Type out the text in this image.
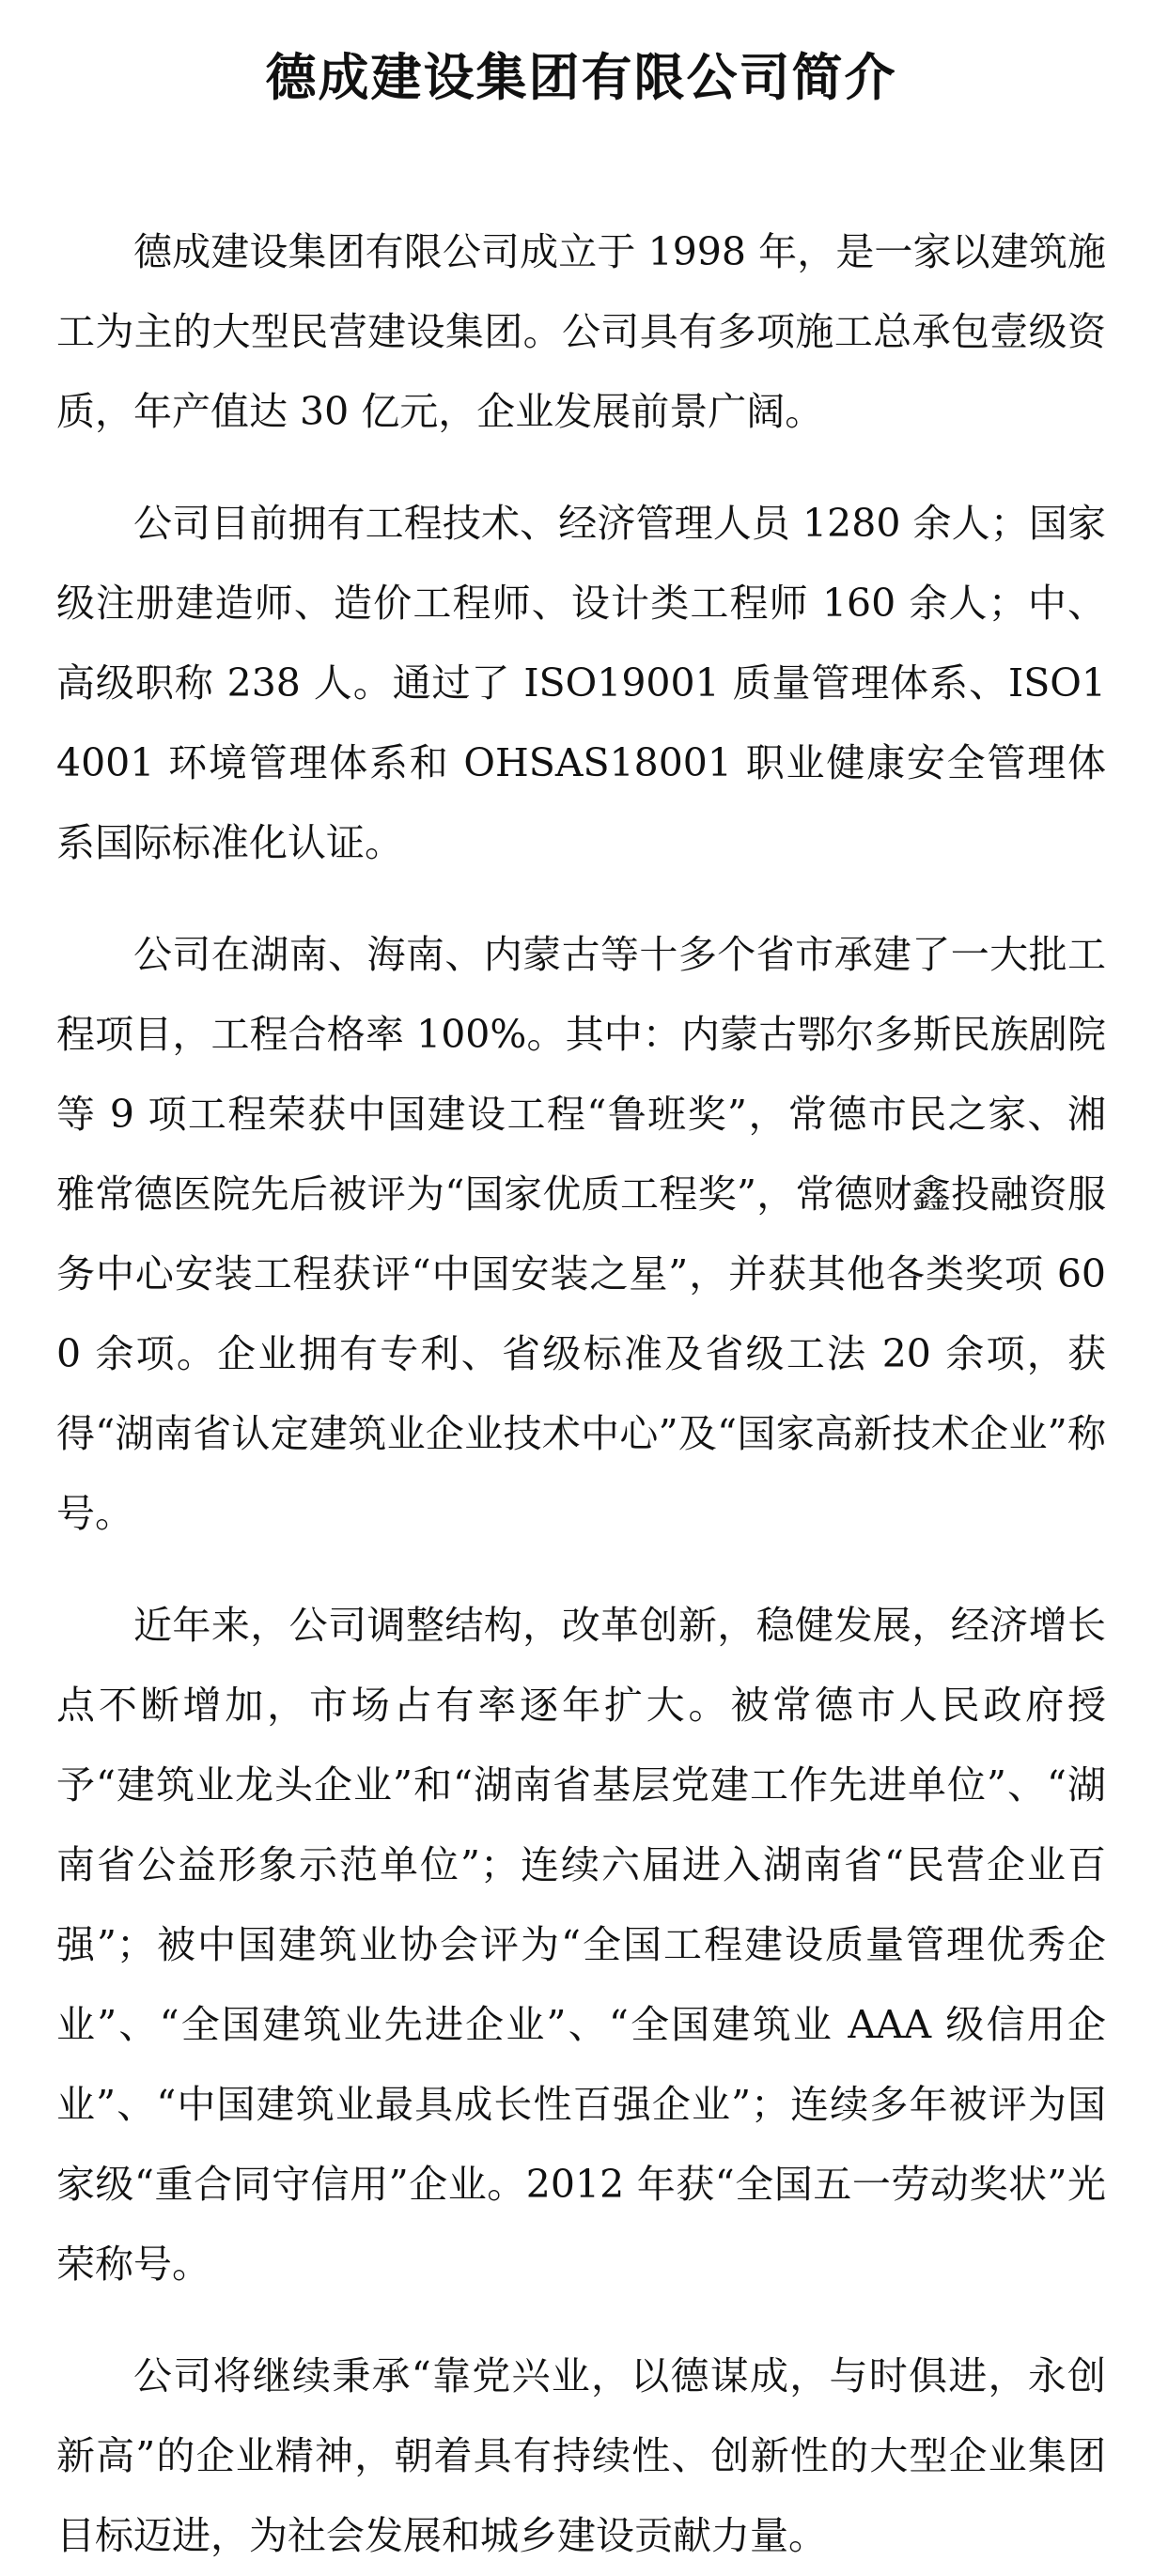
德成建设集团有限公司简介

德成建设集团有限公司成立于 1998 年，是一家以建筑施工为主的大型民营建设集团。公司具有多项施工总承包壹级资质，年产值达 30 亿元，企业发展前景广阔。

公司目前拥有工程技术、经济管理人员 1280 余人；国家级注册建造师、造价工程师、设计类工程师 160 余人；中、高级职称 238 人。通过了 ISO19001 质量管理体系、ISO14001 环境管理体系和 OHSAS18001 职业健康安全管理体系国际标准化认证。

公司在湖南、海南、内蒙古等十多个省市承建了一大批工程项目，工程合格率 100%。其中：内蒙古鄂尔多斯民族剧院等 9 项工程荣获中国建设工程“鲁班奖”，常德市民之家、湘雅常德医院先后被评为“国家优质工程奖”，常德财鑫投融资服务中心安装工程获评“中国安装之星”，并获其他各类奖项 600 余项。企业拥有专利、省级标准及省级工法 20 余项，获得“湖南省认定建筑业企业技术中心”及“国家高新技术企业”称号。

近年来，公司调整结构，改革创新，稳健发展，经济增长点不断增加，市场占有率逐年扩大。被常德市人民政府授予“建筑业龙头企业”和“湖南省基层党建工作先进单位”、“湖南省公益形象示范单位”；连续六届进入湖南省“民营企业百强”；被中国建筑业协会评为“全国工程建设质量管理优秀企业”、“全国建筑业先进企业”、“全国建筑业 AAA 级信用企业”、“中国建筑业最具成长性百强企业”；连续多年被评为国家级“重合同守信用”企业。2012 年获“全国五一劳动奖状”光荣称号。

公司将继续秉承“靠党兴业，以德谋成，与时俱进，永创新高”的企业精神，朝着具有持续性、创新性的大型企业集团目标迈进，为社会发展和城乡建设贡献力量。
